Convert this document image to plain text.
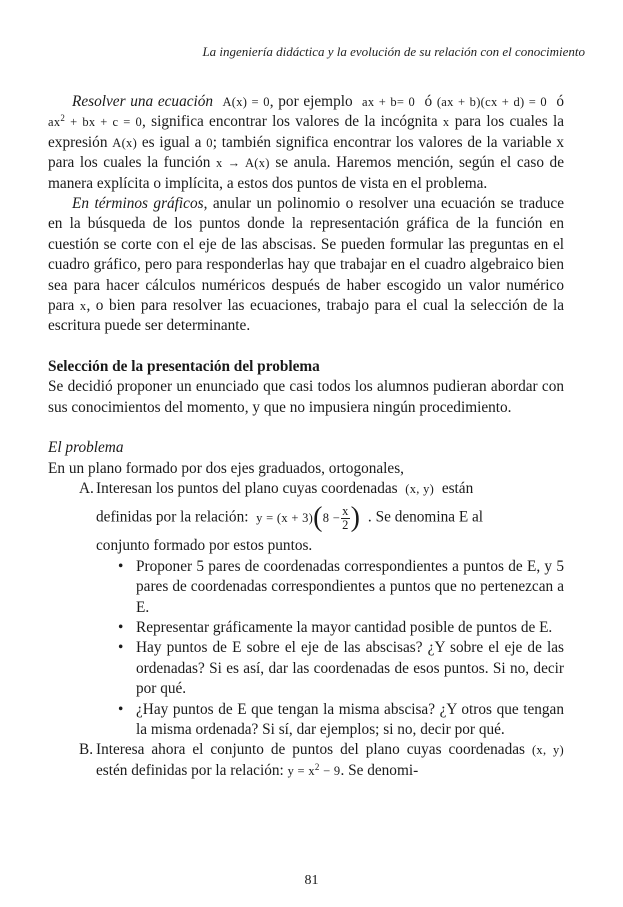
La ingeniería didáctica y la evolución de su relación con el conocimiento

Resolver una ecuación A(x) = 0, por ejemplo ax + b= 0 ó (ax + b)(cx + d) = 0 ó $ax^2$ + bx + c = 0, significa encontrar los valores de la incógnita x para los cuales la expresión A(x) es igual a 0; también significa encontrar los valores de la variable x para los cuales la función x → A(x) se anula. Haremos mención, según el caso de manera explícita o implícita, a estos dos puntos de vista en el problema.

En términos gráficos, anular un polinomio o resolver una ecuación se traduce en la búsqueda de los puntos donde la representación gráfica de la función en cuestión se corte con el eje de las abscisas. Se pueden formular las preguntas en el cuadro gráfico, pero para responderlas hay que trabajar en el cuadro algebraico bien sea para hacer cálculos numéricos después de haber escogido un valor numérico para x, o bien para resolver las ecuaciones, trabajo para el cual la selección de la escritura puede ser determinante.

Selección de la presentación del problema

Se decidió proponer un enunciado que casi todos los alumnos pudieran abordar con sus conocimientos del momento, y que no impusiera ningún procedimiento.

El problema

En un plano formado por dos ejes graduados, ortogonales,

A. Interesan los puntos del plano cuyas coordenadas (x, y) están

definidas por la relación: $y = (x + 3)(8 - \frac{x}{2}$ ) . Se denomina E al

conjunto formado por estos puntos.

• Proponer 5 pares de coordenadas correspondientes a puntos de E, y 5 pares de coordenadas correspondientes a puntos que no pertenezcan a E.
• Representar gráficamente la mayor cantidad posible de puntos de E.
• Hay puntos de E sobre el eje de las abscisas? ¿Y sobre el eje de las ordenadas? Si es así, dar las coordenadas de esos puntos. Si no, decir por qué.
• ¿Hay puntos de E que tengan la misma abscisa? ¿Y otros que tengan la misma ordenada? Si sí, dar ejemplos; si no, decir por qué.
B. Interesa ahora el conjunto de puntos del plano cuyas coordenadas (x, y) estén definidas por la relación: $y = x^2 - 9$. Se denomi-

81
